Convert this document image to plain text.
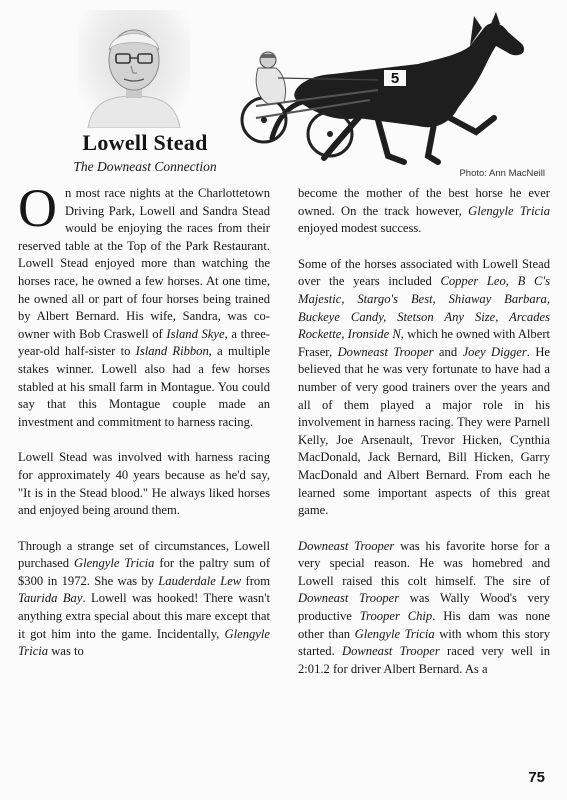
Lowell Stead
The Downeast Connection
5
Photo: Ann MacNeill

On most race nights at the Charlottetown Driving Park, Lowell and Sandra Stead would be enjoying the races from their reserved table at the Top of the Park Restaurant. Lowell Stead enjoyed more than watching the horses race, he owned a few horses. At one time, he owned all or part of four horses being trained by Albert Bernard. His wife, Sandra, was co-owner with Bob Craswell of Island Skye, a three-year-old half-sister to Island Ribbon, a multiple stakes winner. Lowell also had a few horses stabled at his small farm in Montague. You could say that this Montague couple made an investment and commitment to harness racing.

Lowell Stead was involved with harness racing for approximately 40 years because as he'd say, "It is in the Stead blood." He always liked horses and enjoyed being around them.

Through a strange set of circumstances, Lowell purchased Glengyle Tricia for the paltry sum of $300 in 1972. She was by Lauderdale Lew from Taurida Bay. Lowell was hooked! There wasn't anything extra special about this mare except that it got him into the game. Incidentally, Glengyle Tricia was to

become the mother of the best horse he ever owned. On the track however, Glengyle Tricia enjoyed modest success.

Some of the horses associated with Lowell Stead over the years included Copper Leo, B C's Majestic, Stargo's Best, Shiaway Barbara, Buckeye Candy, Stetson Any Size, Arcades Rockette, Ironside N, which he owned with Albert Fraser, Downeast Trooper and Joey Digger. He believed that he was very fortunate to have had a number of very good trainers over the years and all of them played a major role in his involvement in harness racing. They were Parnell Kelly, Joe Arsenault, Trevor Hicken, Cynthia MacDonald, Jack Bernard, Bill Hicken, Garry MacDonald and Albert Bernard. From each he learned some important aspects of this great game.

Downeast Trooper was his favorite horse for a very special reason. He was homebred and Lowell raised this colt himself. The sire of Downeast Trooper was Wally Wood's very productive Trooper Chip. His dam was none other than Glengyle Tricia with whom this story started. Downeast Trooper raced very well in 2:01.2 for driver Albert Bernard. As a

75
